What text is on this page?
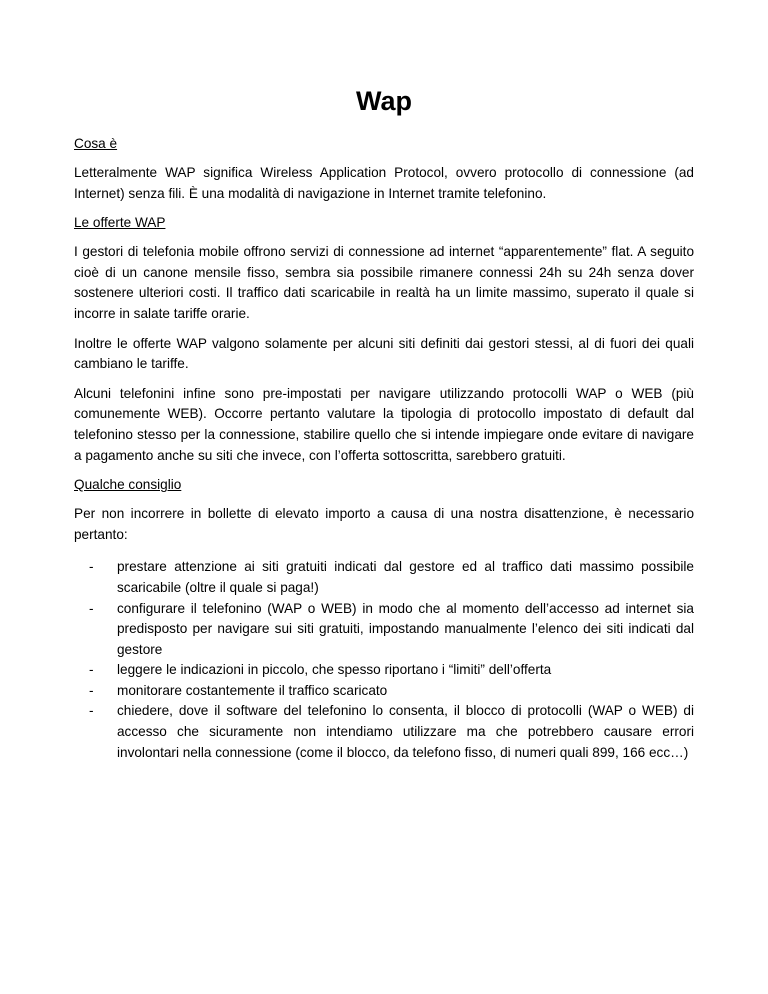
Wap
Cosa è

Letteralmente WAP significa Wireless Application Protocol, ovvero protocollo di connessione (ad Internet) senza fili. È una modalità di navigazione in Internet tramite telefonino.

Le offerte WAP

I gestori di telefonia mobile offrono servizi di connessione ad internet “apparentemente” flat. A seguito cioè di un canone mensile fisso, sembra sia possibile rimanere connessi 24h su 24h senza dover sostenere ulteriori costi. Il traffico dati scaricabile in realtà ha un limite massimo, superato il quale si incorre in salate tariffe orarie.

Inoltre le offerte WAP valgono solamente per alcuni siti definiti dai gestori stessi, al di fuori dei quali cambiano le tariffe.

Alcuni telefonini infine sono pre-impostati per navigare utilizzando protocolli WAP o WEB (più comunemente WEB). Occorre pertanto valutare la tipologia di protocollo impostato di default dal telefonino stesso per la connessione, stabilire quello che si intende impiegare onde evitare di navigare a pagamento anche su siti che invece, con l’offerta sottoscritta, sarebbero gratuiti.

Qualche consiglio

Per non incorrere in bollette di elevato importo a causa di una nostra disattenzione, è necessario pertanto:

- prestare attenzione ai siti gratuiti indicati dal gestore ed al traffico dati massimo possibile scaricabile (oltre il quale si paga!)
- configurare il telefonino (WAP o WEB) in modo che al momento dell’accesso ad internet sia predisposto per navigare sui siti gratuiti, impostando manualmente l’elenco dei siti indicati dal gestore
- leggere le indicazioni in piccolo, che spesso riportano i “limiti” dell’offerta
- monitorare costantemente il traffico scaricato
- chiedere, dove il software del telefonino lo consenta, il blocco di protocolli (WAP o WEB) di accesso che sicuramente non intendiamo utilizzare ma che potrebbero causare errori involontari nella connessione (come il blocco, da telefono fisso, di numeri quali 899, 166 ecc…)
